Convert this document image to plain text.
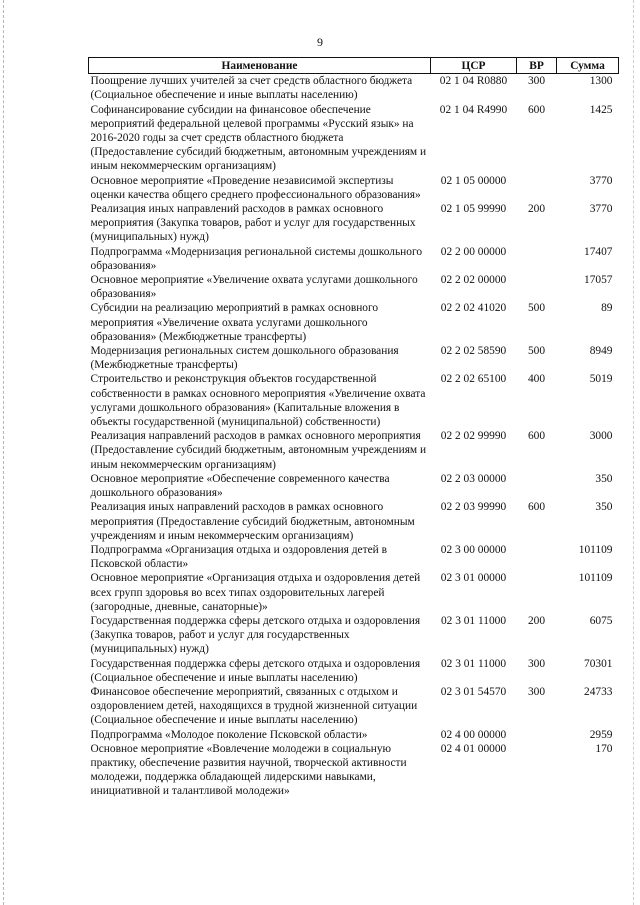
9
Наименование	ЦСР	ВР	Сумма
Поощрение лучших учителей за счет средств областного бюджета (Социальное обеспечение и иные выплаты населению)	02 1 04 R0880	300	1300
Софинансирование субсидии на финансовое обеспечение мероприятий федеральной целевой программы «Русский язык» на 2016-2020 годы за счет средств областного бюджета (Предоставление субсидий бюджетным, автономным учреждениям и иным некоммерческим организациям)	02 1 04 R4990	600	1425
Основное мероприятие «Проведение независимой экспертизы оценки качества общего среднего профессионального образования»	02 1 05 00000		3770
Реализация иных направлений расходов в рамках основного мероприятия (Закупка товаров, работ и услуг для государственных (муниципальных) нужд)	02 1 05 99990	200	3770
Подпрограмма «Модернизация региональной системы дошкольного образования»	02 2 00 00000		17407
Основное мероприятие «Увеличение охвата услугами дошкольного образования»	02 2 02 00000		17057
Субсидии на реализацию мероприятий в рамках основного мероприятия «Увеличение охвата услугами дошкольного образования» (Межбюджетные трансферты)	02 2 02 41020	500	89
Модернизация региональных систем дошкольного образования (Межбюджетные трансферты)	02 2 02 58590	500	8949
Строительство и реконструкция объектов государственной собственности в рамках основного мероприятия «Увеличение охвата услугами дошкольного образования» (Капитальные вложения в объекты государственной (муниципальной) собственности)	02 2 02 65100	400	5019
Реализация направлений расходов в рамках основного мероприятия (Предоставление субсидий бюджетным, автономным учреждениям и иным некоммерческим организациям)	02 2 02 99990	600	3000
Основное мероприятие «Обеспечение современного качества дошкольного образования»	02 2 03 00000		350
Реализация иных направлений расходов в рамках основного мероприятия (Предоставление субсидий бюджетным, автономным учреждениям и иным некоммерческим организациям)	02 2 03 99990	600	350
Подпрограмма «Организация отдыха и оздоровления детей в Псковской области»	02 3 00 00000		101109
Основное мероприятие «Организация отдыха и оздоровления детей всех групп здоровья во всех типах оздоровительных лагерей (загородные, дневные, санаторные)»	02 3 01 00000		101109
Государственная поддержка сферы детского отдыха и оздоровления (Закупка товаров, работ и услуг для государственных (муниципальных) нужд)	02 3 01 11000	200	6075
Государственная поддержка сферы детского отдыха и оздоровления (Социальное обеспечение и иные выплаты населению)	02 3 01 11000	300	70301
Финансовое обеспечение мероприятий, связанных с отдыхом и оздоровлением детей, находящихся в трудной жизненной ситуации (Социальное обеспечение и иные выплаты населению)	02 3 01 54570	300	24733
Подпрограмма «Молодое поколение Псковской области»	02 4 00 00000		2959
Основное мероприятие «Вовлечение молодежи в социальную практику, обеспечение развития научной, творческой активности молодежи, поддержка обладающей лидерскими навыками, инициативной и талантливой молодежи»	02 4 01 00000		170
